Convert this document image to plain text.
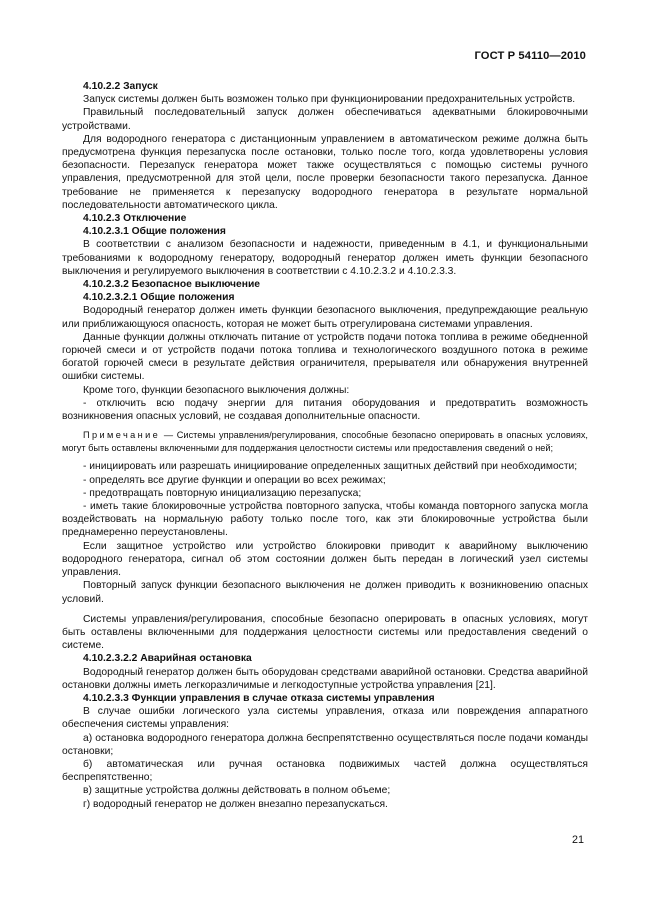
ГОСТ Р 54110—2010

4.10.2.2 Запуск

Запуск системы должен быть возможен только при функционировании предохранительных устройств.

Правильный последовательный запуск должен обеспечиваться адекватными блокировочными устройствами.

Для водородного генератора с дистанционным управлением в автоматическом режиме должна быть предусмотрена функция перезапуска после остановки, только после того, когда удовлетворены условия безопасности. Перезапуск генератора может также осуществляться с помощью системы ручного управления, предусмотренной для этой цели, после проверки безопасности такого перезапуска. Данное требование не применяется к перезапуску водородного генератора в результате нормальной последовательности автоматического цикла.

4.10.2.3 Отключение

4.10.2.3.1 Общие положения

В соответствии с анализом безопасности и надежности, приведенным в 4.1, и функциональными требованиями к водородному генератору, водородный генератор должен иметь функции безопасного выключения и регулируемого выключения в соответствии с 4.10.2.3.2 и 4.10.2.3.3.

4.10.2.3.2 Безопасное выключение

4.10.2.3.2.1 Общие положения

Водородный генератор должен иметь функции безопасного выключения, предупреждающие реальную или приближающуюся опасность, которая не может быть отрегулирована системами управления.

Данные функции должны отключать питание от устройств подачи потока топлива в режиме обедненной горючей смеси и от устройств подачи потока топлива и технологического воздушного потока в режиме богатой горючей смеси в результате действия ограничителя, прерывателя или обнаружения внутренней ошибки системы.

Кроме того, функции безопасного выключения должны:

- отключить всю подачу энергии для питания оборудования и предотвратить возможность возникновения опасных условий, не создавая дополнительные опасности.

Примечание — Системы управления/регулирования, способные безопасно оперировать в опасных условиях, могут быть оставлены включенными для поддержания целостности системы или предоставления сведений о ней;

- инициировать или разрешать инициирование определенных защитных действий при необходимости;

- определять все другие функции и операции во всех режимах;

- предотвращать повторную инициализацию перезапуска;

- иметь такие блокировочные устройства повторного запуска, чтобы команда повторного запуска могла воздействовать на нормальную работу только после того, как эти блокировочные устройства были преднамеренно переустановлены.

Если защитное устройство или устройство блокировки приводит к аварийному выключению водородного генератора, сигнал об этом состоянии должен быть передан в логический узел системы управления.

Повторный запуск функции безопасного выключения не должен приводить к возникновению опасных условий.

Системы управления/регулирования, способные безопасно оперировать в опасных условиях, могут быть оставлены включенными для поддержания целостности системы или предоставления сведений о системе.

4.10.2.3.2.2 Аварийная остановка

Водородный генератор должен быть оборудован средствами аварийной остановки. Средства аварийной остановки должны иметь легкоразличимые и легкодоступные устройства управления [21].

4.10.2.3.3 Функции управления в случае отказа системы управления

В случае ошибки логического узла системы управления, отказа или повреждения аппаратного обеспечения системы управления:

а) остановка водородного генератора должна беспрепятственно осуществляться после подачи команды остановки;

б) автоматическая или ручная остановка подвижимых частей должна осуществляться беспрепятственно;

в) защитные устройства должны действовать в полном объеме;

г) водородный генератор не должен внезапно перезапускаться.

21
